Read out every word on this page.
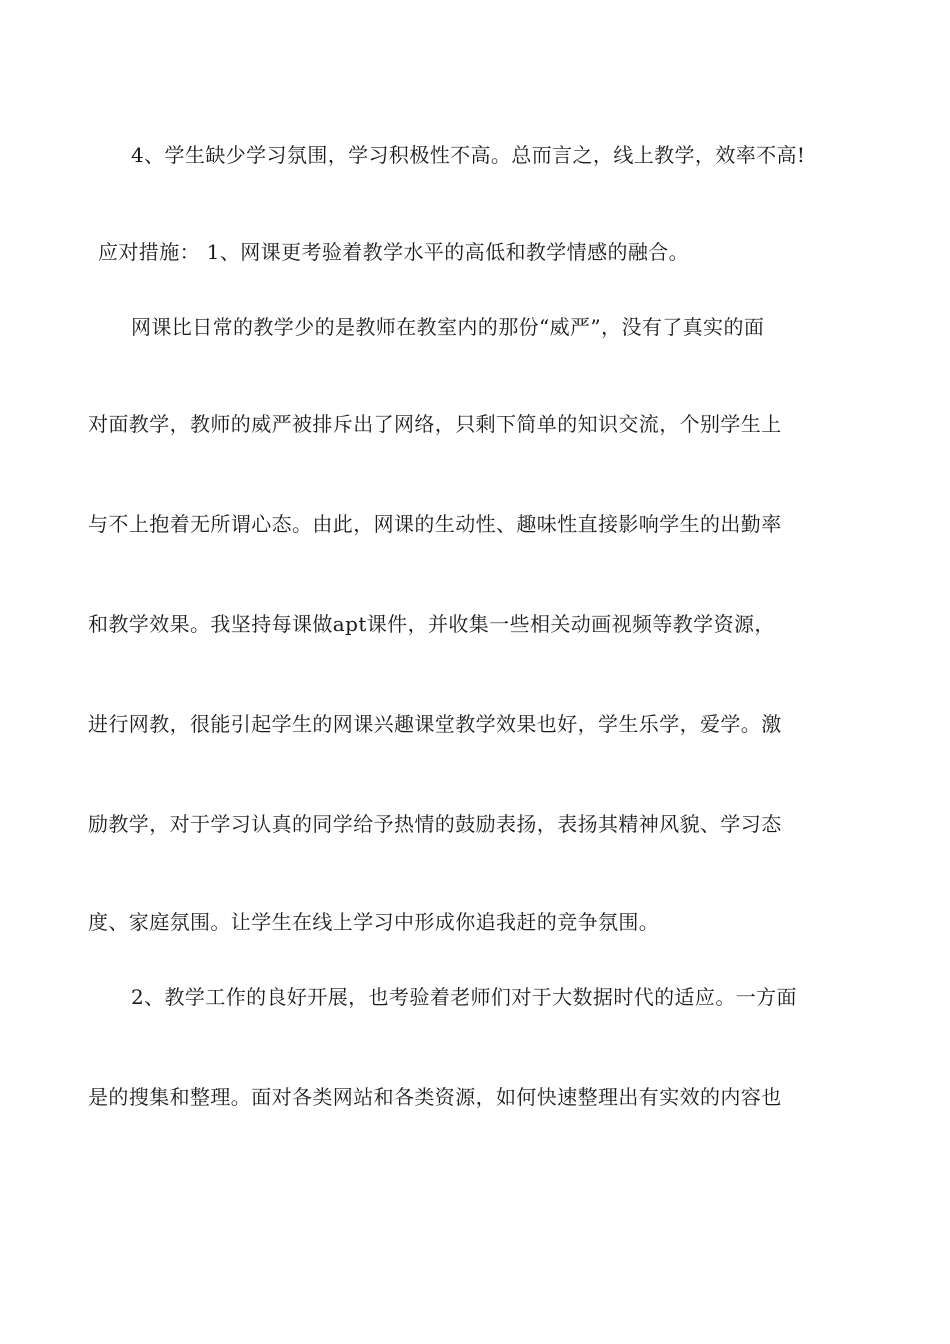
4、学生缺少学习氛围，学习积极性不高。总而言之，线上教学，效率不高!
应对措施： 1、网课更考验着教学水平的高低和教学情感的融合。
网课比日常的教学少的是教师在教室内的那份“威严”，没有了真实的面
对面教学，教师的威严被排斥出了网络，只剩下简单的知识交流，个别学生上
与不上抱着无所谓心态。由此，网课的生动性、趣味性直接影响学生的出勤率
和教学效果。我坚持每课做apt课件，并收集一些相关动画视频等教学资源，
进行网教，很能引起学生的网课兴趣课堂教学效果也好，学生乐学，爱学。激
励教学，对于学习认真的同学给予热情的鼓励表扬，表扬其精神风貌、学习态
度、家庭氛围。让学生在线上学习中形成你追我赶的竞争氛围。
2、教学工作的良好开展，也考验着老师们对于大数据时代的适应。一方面
是的搜集和整理。面对各类网站和各类资源，如何快速整理出有实效的内容也
